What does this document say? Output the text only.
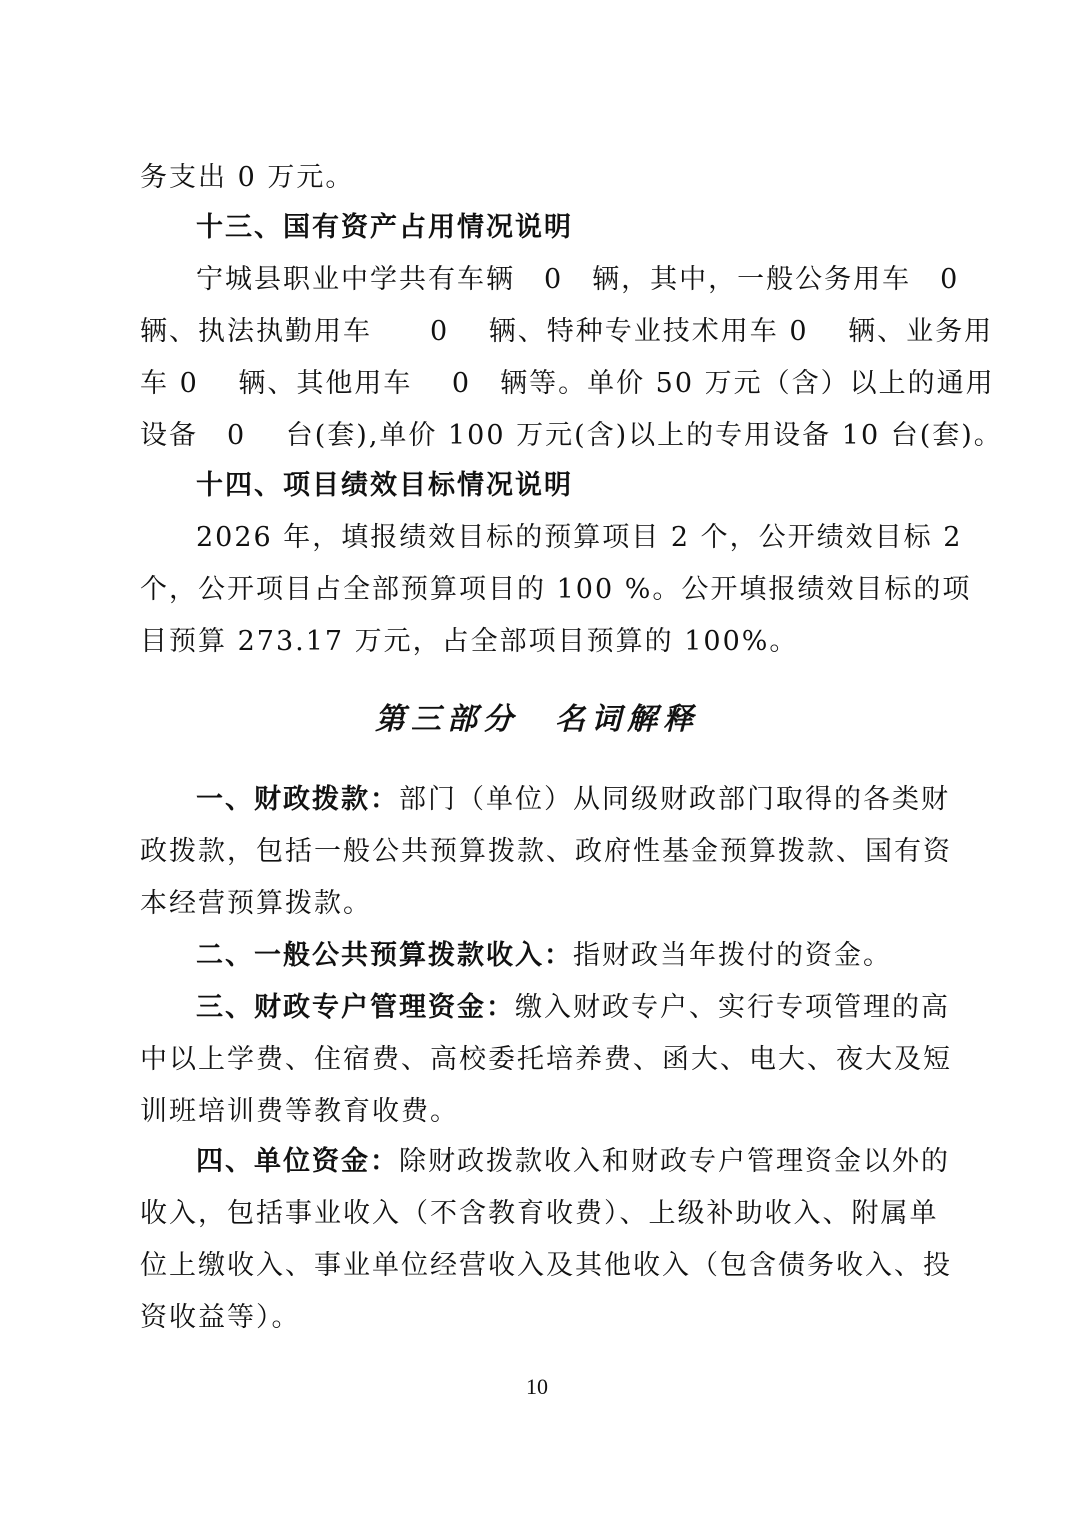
务支出 0 万元。
十三、国有资产占用情况说明
宁城县职业中学共有车辆　0　辆，其中，一般公务用车　0
辆、执法执勤用车　　0　 辆、特种专业技术用车 0　 辆、业务用
车 0　 辆、其他用车　 0　辆等。单价 50 万元（含）以上的通用
设备　0　 台(套),单价 100 万元(含)以上的专用设备 10 台(套)。
十四、项目绩效目标情况说明
2026 年，填报绩效目标的预算项目 2 个，公开绩效目标 2
个，公开项目占全部预算项目的 100 %。公开填报绩效目标的项
目预算 273.17 万元，占全部项目预算的 100%。
第三部分　名词解释
一、财政拨款：部门（单位）从同级财政部门取得的各类财
政拨款，包括一般公共预算拨款、政府性基金预算拨款、国有资
本经营预算拨款。
二、一般公共预算拨款收入：指财政当年拨付的资金。
三、财政专户管理资金：缴入财政专户、实行专项管理的高
中以上学费、住宿费、高校委托培养费、函大、电大、夜大及短
训班培训费等教育收费。
四、单位资金：除财政拨款收入和财政专户管理资金以外的
收入，包括事业收入（不含教育收费）、上级补助收入、附属单
位上缴收入、事业单位经营收入及其他收入（包含债务收入、投
资收益等）。
10
